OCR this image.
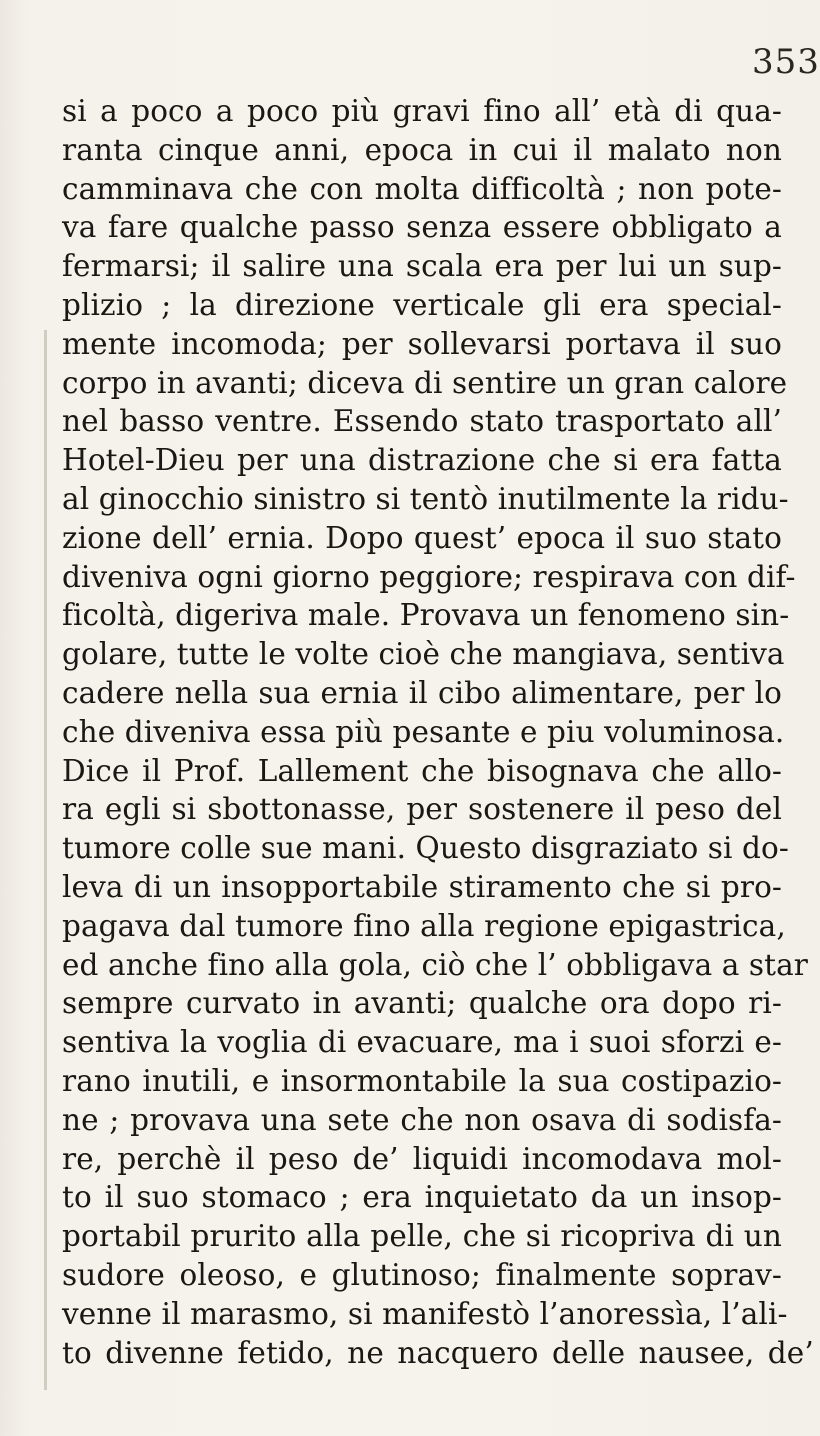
353
si a poco a poco più gravi fino all’ età di qua-
ranta cinque anni, epoca in cui il malato non
camminava che con molta difficoltà ; non pote-
va fare qualche passo senza essere obbligato a
fermarsi; il salire una scala era per lui un sup-
plizio ; la direzione verticale gli era special-
mente incomoda; per sollevarsi portava il suo
corpo in avanti; diceva di sentire un gran calore
nel basso ventre. Essendo stato trasportato all’
Hotel-Dieu per una distrazione che si era fatta
al ginocchio sinistro si tentò inutilmente la ridu-
zione dell’ ernia. Dopo quest’ epoca il suo stato
diveniva ogni giorno peggiore; respirava con dif-
ficoltà, digeriva male. Provava un fenomeno sin-
golare, tutte le volte cioè che mangiava, sentiva
cadere nella sua ernia il cibo alimentare, per lo
che diveniva essa più pesante e piu voluminosa.
Dice il Prof. Lallement che bisognava che allo-
ra egli si sbottonasse, per sostenere il peso del
tumore colle sue mani. Questo disgraziato si do-
leva di un insopportabile stiramento che si pro-
pagava dal tumore fino alla regione epigastrica,
ed anche fino alla gola, ciò che l’ obbligava a star
sempre curvato in avanti; qualche ora dopo ri-
sentiva la voglia di evacuare, ma i suoi sforzi e-
rano inutili, e insormontabile la sua costipazio-
ne ; provava una sete che non osava di sodisfa-
re, perchè il peso de’ liquidi incomodava mol-
to il suo stomaco ; era inquietato da un insop-
portabil prurito alla pelle, che si ricopriva di un
sudore oleoso, e glutinoso; finalmente soprav-
venne il marasmo, si manifestò l’anoressìa, l’ali-
to divenne fetido, ne nacquero delle nausee, de’
